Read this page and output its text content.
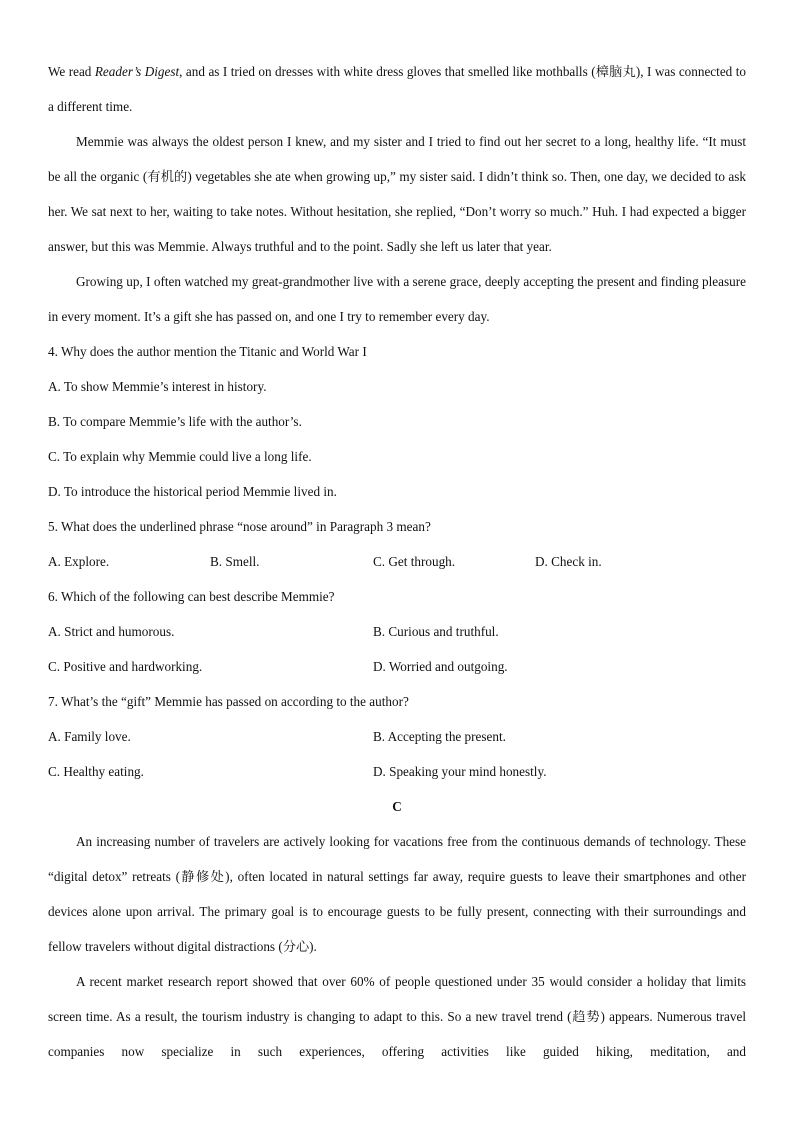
We read Reader’s Digest, and as I tried on dresses with white dress gloves that smelled like mothballs (樟脑丸), I was connected to a different time.

Memmie was always the oldest person I knew, and my sister and I tried to find out her secret to a long, healthy life. “It must be all the organic (有机的) vegetables she ate when growing up,” my sister said. I didn’t think so. Then, one day, we decided to ask her. We sat next to her, waiting to take notes. Without hesitation, she replied, “Don’t worry so much.” Huh. I had expected a bigger answer, but this was Memmie. Always truthful and to the point. Sadly she left us later that year.

Growing up, I often watched my great-grandmother live with a serene grace, deeply accepting the present and finding pleasure in every moment. It’s a gift she has passed on, and one I try to remember every day.

4. Why does the author mention the Titanic and World War I

A. To show Memmie’s interest in history.

B. To compare Memmie’s life with the author’s.

C. To explain why Memmie could live a long life.

D. To introduce the historical period Memmie lived in.

5. What does the underlined phrase “nose around” in Paragraph 3 mean?

A. Explore.	B. Smell.	C. Get through.	D. Check in.

6. Which of the following can best describe Memmie?

A. Strict and humorous.	B. Curious and truthful.
C. Positive and hardworking.	D. Worried and outgoing.

7. What’s the “gift” Memmie has passed on according to the author?

A. Family love.	B. Accepting the present.
C. Healthy eating.	D. Speaking your mind honestly.

C

An increasing number of travelers are actively looking for vacations free from the continuous demands of technology. These “digital detox” retreats (静修处), often located in natural settings far away, require guests to leave their smartphones and other devices alone upon arrival. The primary goal is to encourage guests to be fully present, connecting with their surroundings and fellow travelers without digital distractions (分心).

A recent market research report showed that over 60% of people questioned under 35 would consider a holiday that limits screen time. As a result, the tourism industry is changing to adapt to this. So a new travel trend (趋势) appears. Numerous travel companies now specialize in such experiences, offering activities like guided hiking, meditation, and
